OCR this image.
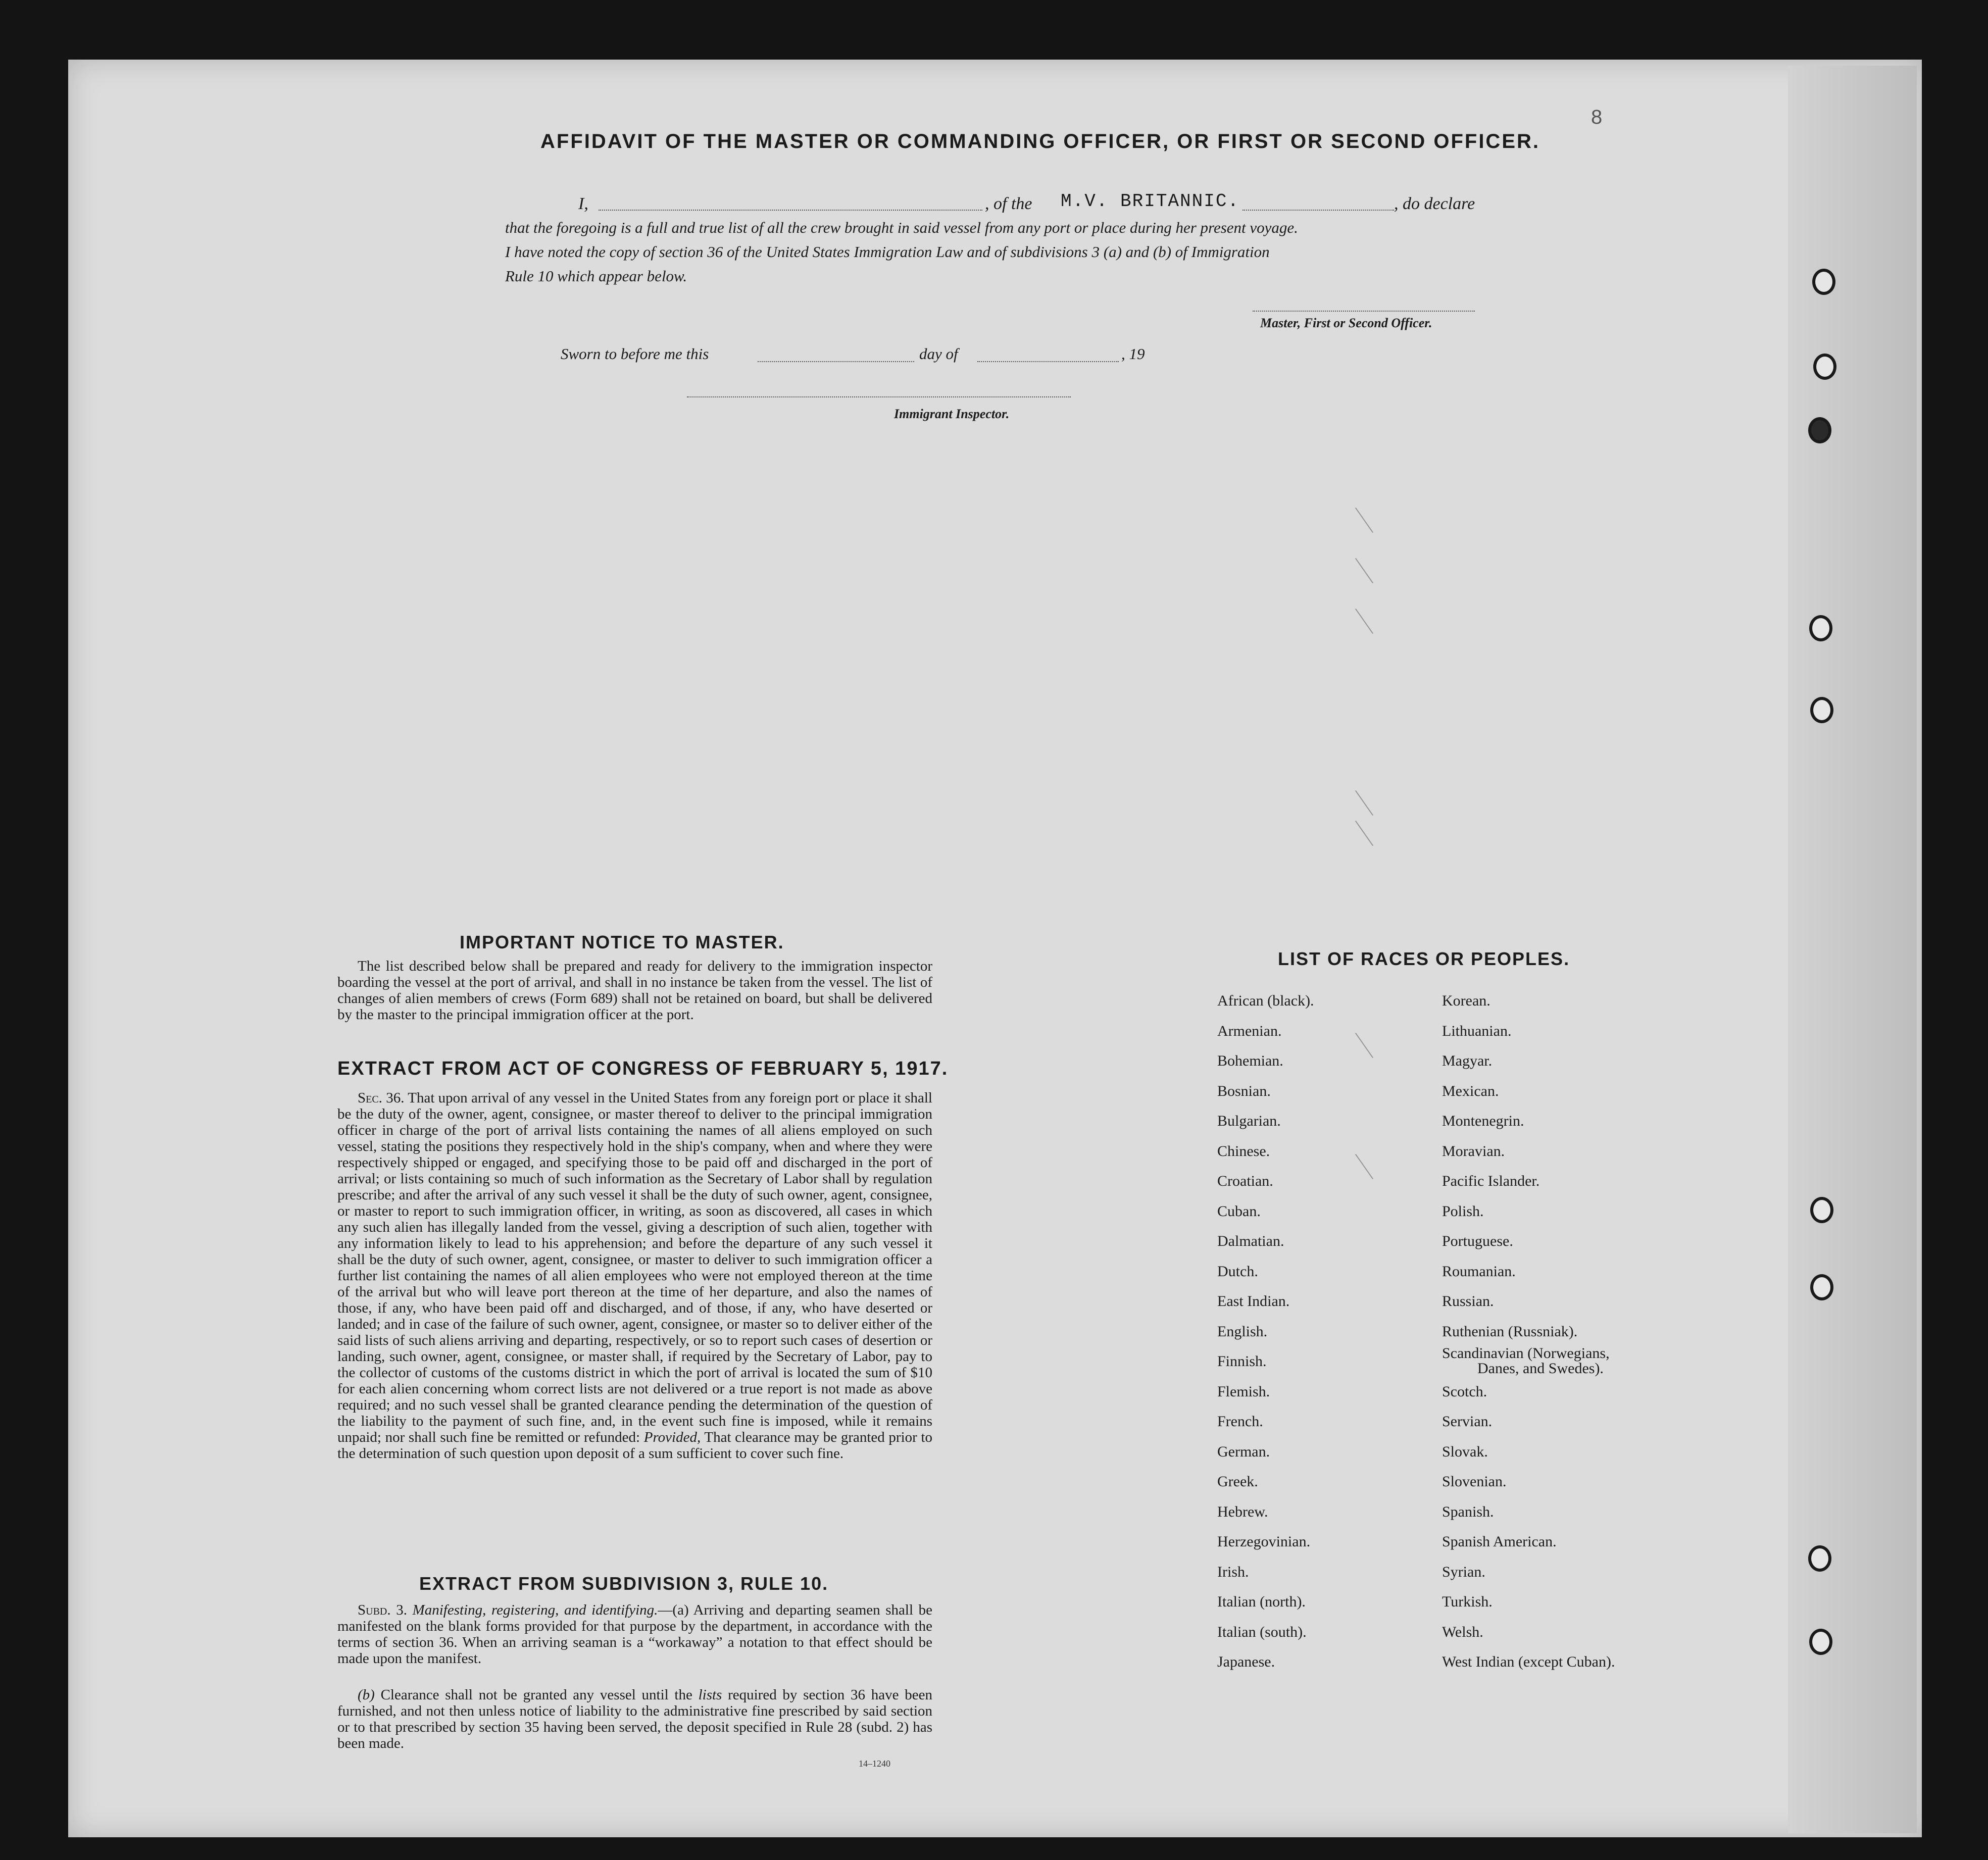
8
AFFIDAVIT OF THE MASTER OR COMMANDING OFFICER, OR FIRST OR SECOND OFFICER.
I,	, of the M.V. BRITANNIC.	, do declare
that the foregoing is a full and true list of all the crew brought in said vessel from any port or place during her present voyage.
I have noted the copy of section 36 of the United States Immigration Law and of subdivisions 3 (a) and (b) of Immigration
Rule 10 which appear below.
Master, First or Second Officer.
Sworn to before me this	day of	, 19
Immigrant Inspector.
IMPORTANT NOTICE TO MASTER.
The list described below shall be prepared and ready for delivery to the immigration inspector boarding the vessel at the port of arrival, and shall in no instance be taken from the vessel. The list of changes of alien members of crews (Form 689) shall not be retained on board, but shall be delivered by the master to the principal immigration officer at the port.
EXTRACT FROM ACT OF CONGRESS OF FEBRUARY 5, 1917.
Sec. 36. That upon arrival of any vessel in the United States from any foreign port or place it shall be the duty of the owner, agent, consignee, or master thereof to deliver to the principal immigration officer in charge of the port of arrival lists containing the names of all aliens employed on such vessel, stating the positions they respectively hold in the ship's company, when and where they were respectively shipped or engaged, and specifying those to be paid off and discharged in the port of arrival; or lists containing so much of such information as the Secretary of Labor shall by regulation prescribe; and after the arrival of any such vessel it shall be the duty of such owner, agent, consignee, or master to report to such immigration officer, in writing, as soon as discovered, all cases in which any such alien has illegally landed from the vessel, giving a description of such alien, together with any information likely to lead to his apprehension; and before the departure of any such vessel it shall be the duty of such owner, agent, consignee, or master to deliver to such immigration officer a further list containing the names of all alien employees who were not employed thereon at the time of the arrival but who will leave port thereon at the time of her departure, and also the names of those, if any, who have been paid off and discharged, and of those, if any, who have deserted or landed; and in case of the failure of such owner, agent, consignee, or master so to deliver either of the said lists of such aliens arriving and departing, respectively, or so to report such cases of desertion or landing, such owner, agent, consignee, or master shall, if required by the Secretary of Labor, pay to the collector of customs of the customs district in which the port of arrival is located the sum of $10 for each alien concerning whom correct lists are not delivered or a true report is not made as above required; and no such vessel shall be granted clearance pending the determination of the question of the liability to the payment of such fine, and, in the event such fine is imposed, while it remains unpaid; nor shall such fine be remitted or refunded: Provided, That clearance may be granted prior to the determination of such question upon deposit of a sum sufficient to cover such fine.
EXTRACT FROM SUBDIVISION 3, RULE 10.
Subd. 3. Manifesting, registering, and identifying.—(a) Arriving and departing seamen shall be manifested on the blank forms provided for that purpose by the department, in accordance with the terms of section 36. When an arriving seaman is a “workaway” a notation to that effect should be made upon the manifest.
(b) Clearance shall not be granted any vessel until the lists required by section 36 have been furnished, and not then unless notice of liability to the administrative fine prescribed by said section or to that prescribed by section 35 having been served, the deposit specified in Rule 28 (subd. 2) has been made.
14–1240
LIST OF RACES OR PEOPLES.
African (black).
Armenian.
Bohemian.
Bosnian.
Bulgarian.
Chinese.
Croatian.
Cuban.
Dalmatian.
Dutch.
East Indian.
English.
Finnish.
Flemish.
French.
German.
Greek.
Hebrew.
Herzegovinian.
Irish.
Italian (north).
Italian (south).
Japanese.
Korean.
Lithuanian.
Magyar.
Mexican.
Montenegrin.
Moravian.
Pacific Islander.
Polish.
Portuguese.
Roumanian.
Russian.
Ruthenian (Russniak).
Scandinavian (Norwegians,
Danes, and Swedes).
Scotch.
Servian.
Slovak.
Slovenian.
Spanish.
Spanish American.
Syrian.
Turkish.
Welsh.
West Indian (except Cuban).
